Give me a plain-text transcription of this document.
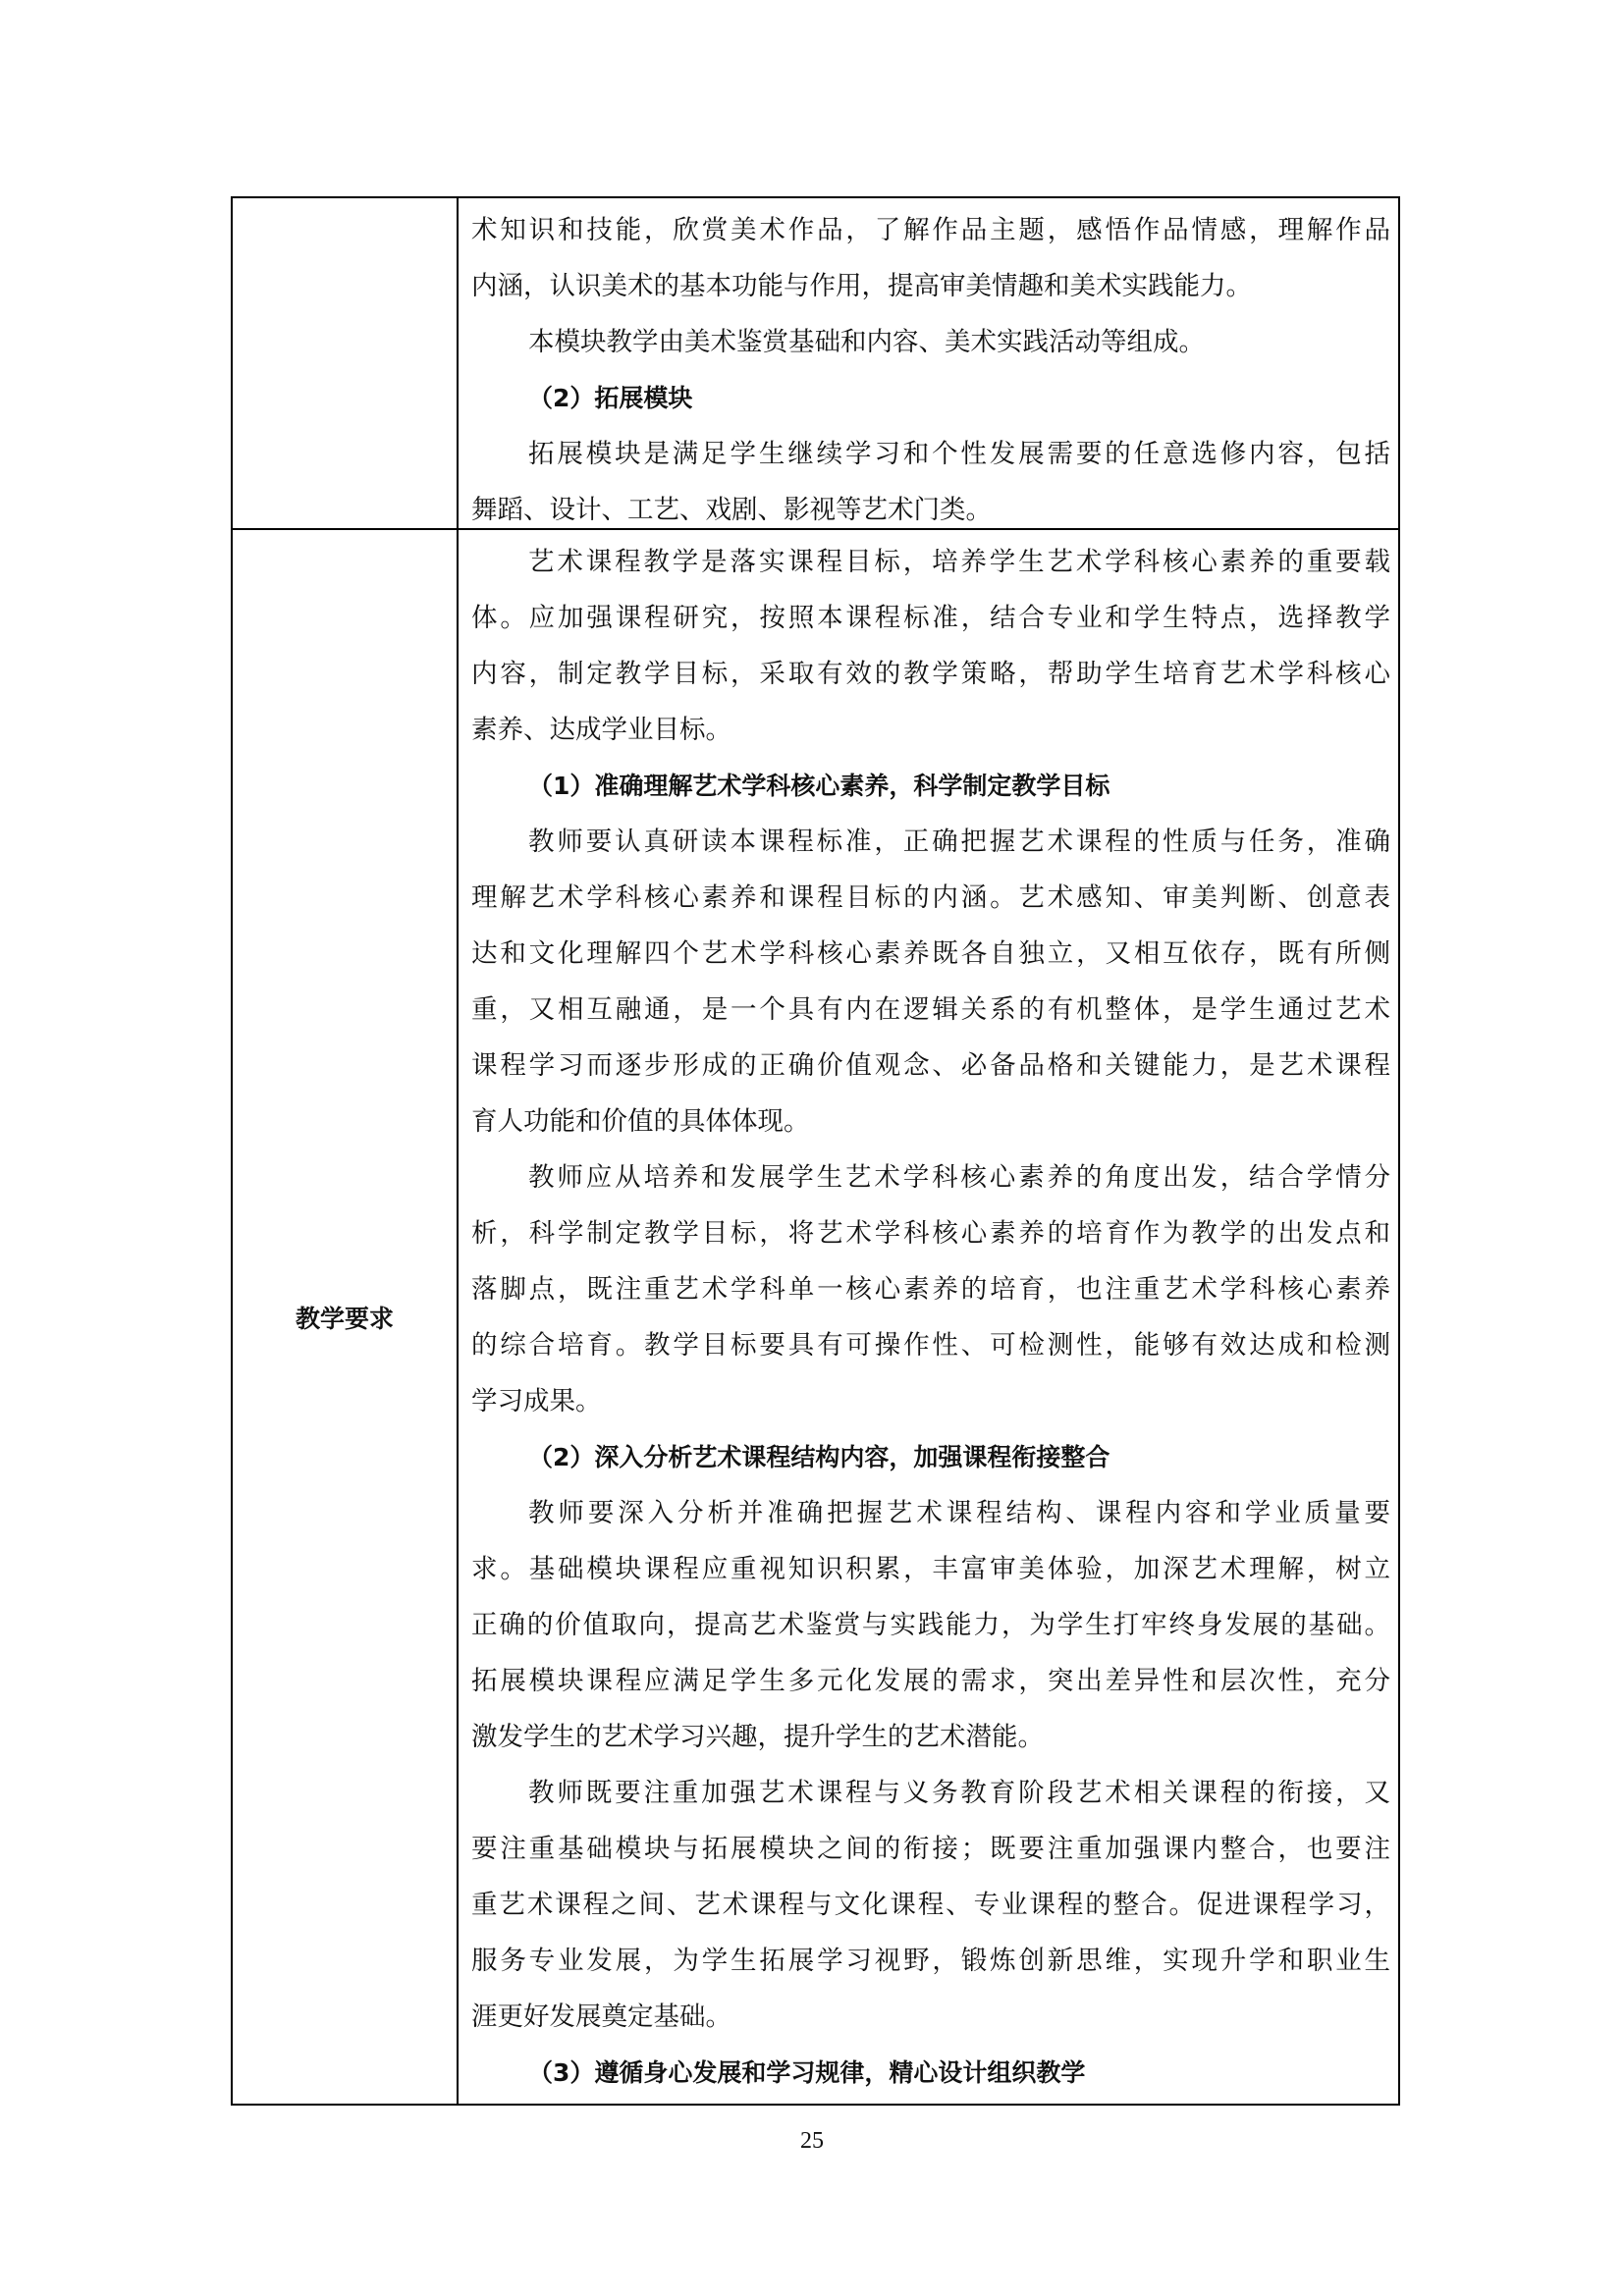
术知识和技能，欣赏美术作品，了解作品主题，感悟作品情感，理解作品
内涵，认识美术的基本功能与作用，提高审美情趣和美术实践能力。
本模块教学由美术鉴赏基础和内容、美术实践活动等组成。
（2）拓展模块
拓展模块是满足学生继续学习和个性发展需要的任意选修内容，包括
舞蹈、设计、工艺、戏剧、影视等艺术门类。
教学要求
艺术课程教学是落实课程目标，培养学生艺术学科核心素养的重要载
体。应加强课程研究，按照本课程标准，结合专业和学生特点，选择教学
内容，制定教学目标，采取有效的教学策略，帮助学生培育艺术学科核心
素养、达成学业目标。
（1）准确理解艺术学科核心素养，科学制定教学目标
教师要认真研读本课程标准，正确把握艺术课程的性质与任务，准确
理解艺术学科核心素养和课程目标的内涵。艺术感知、审美判断、创意表
达和文化理解四个艺术学科核心素养既各自独立，又相互依存，既有所侧
重，又相互融通，是一个具有内在逻辑关系的有机整体，是学生通过艺术
课程学习而逐步形成的正确价值观念、必备品格和关键能力，是艺术课程
育人功能和价值的具体体现。
教师应从培养和发展学生艺术学科核心素养的角度出发，结合学情分
析，科学制定教学目标，将艺术学科核心素养的培育作为教学的出发点和
落脚点，既注重艺术学科单一核心素养的培育，也注重艺术学科核心素养
的综合培育。教学目标要具有可操作性、可检测性，能够有效达成和检测
学习成果。
（2）深入分析艺术课程结构内容，加强课程衔接整合
教师要深入分析并准确把握艺术课程结构、课程内容和学业质量要
求。基础模块课程应重视知识积累，丰富审美体验，加深艺术理解，树立
正确的价值取向，提高艺术鉴赏与实践能力，为学生打牢终身发展的基础。
拓展模块课程应满足学生多元化发展的需求，突出差异性和层次性，充分
激发学生的艺术学习兴趣，提升学生的艺术潜能。
教师既要注重加强艺术课程与义务教育阶段艺术相关课程的衔接，又
要注重基础模块与拓展模块之间的衔接；既要注重加强课内整合，也要注
重艺术课程之间、艺术课程与文化课程、专业课程的整合。促进课程学习，
服务专业发展，为学生拓展学习视野，锻炼创新思维，实现升学和职业生
涯更好发展奠定基础。
（3）遵循身心发展和学习规律，精心设计组织教学
25
